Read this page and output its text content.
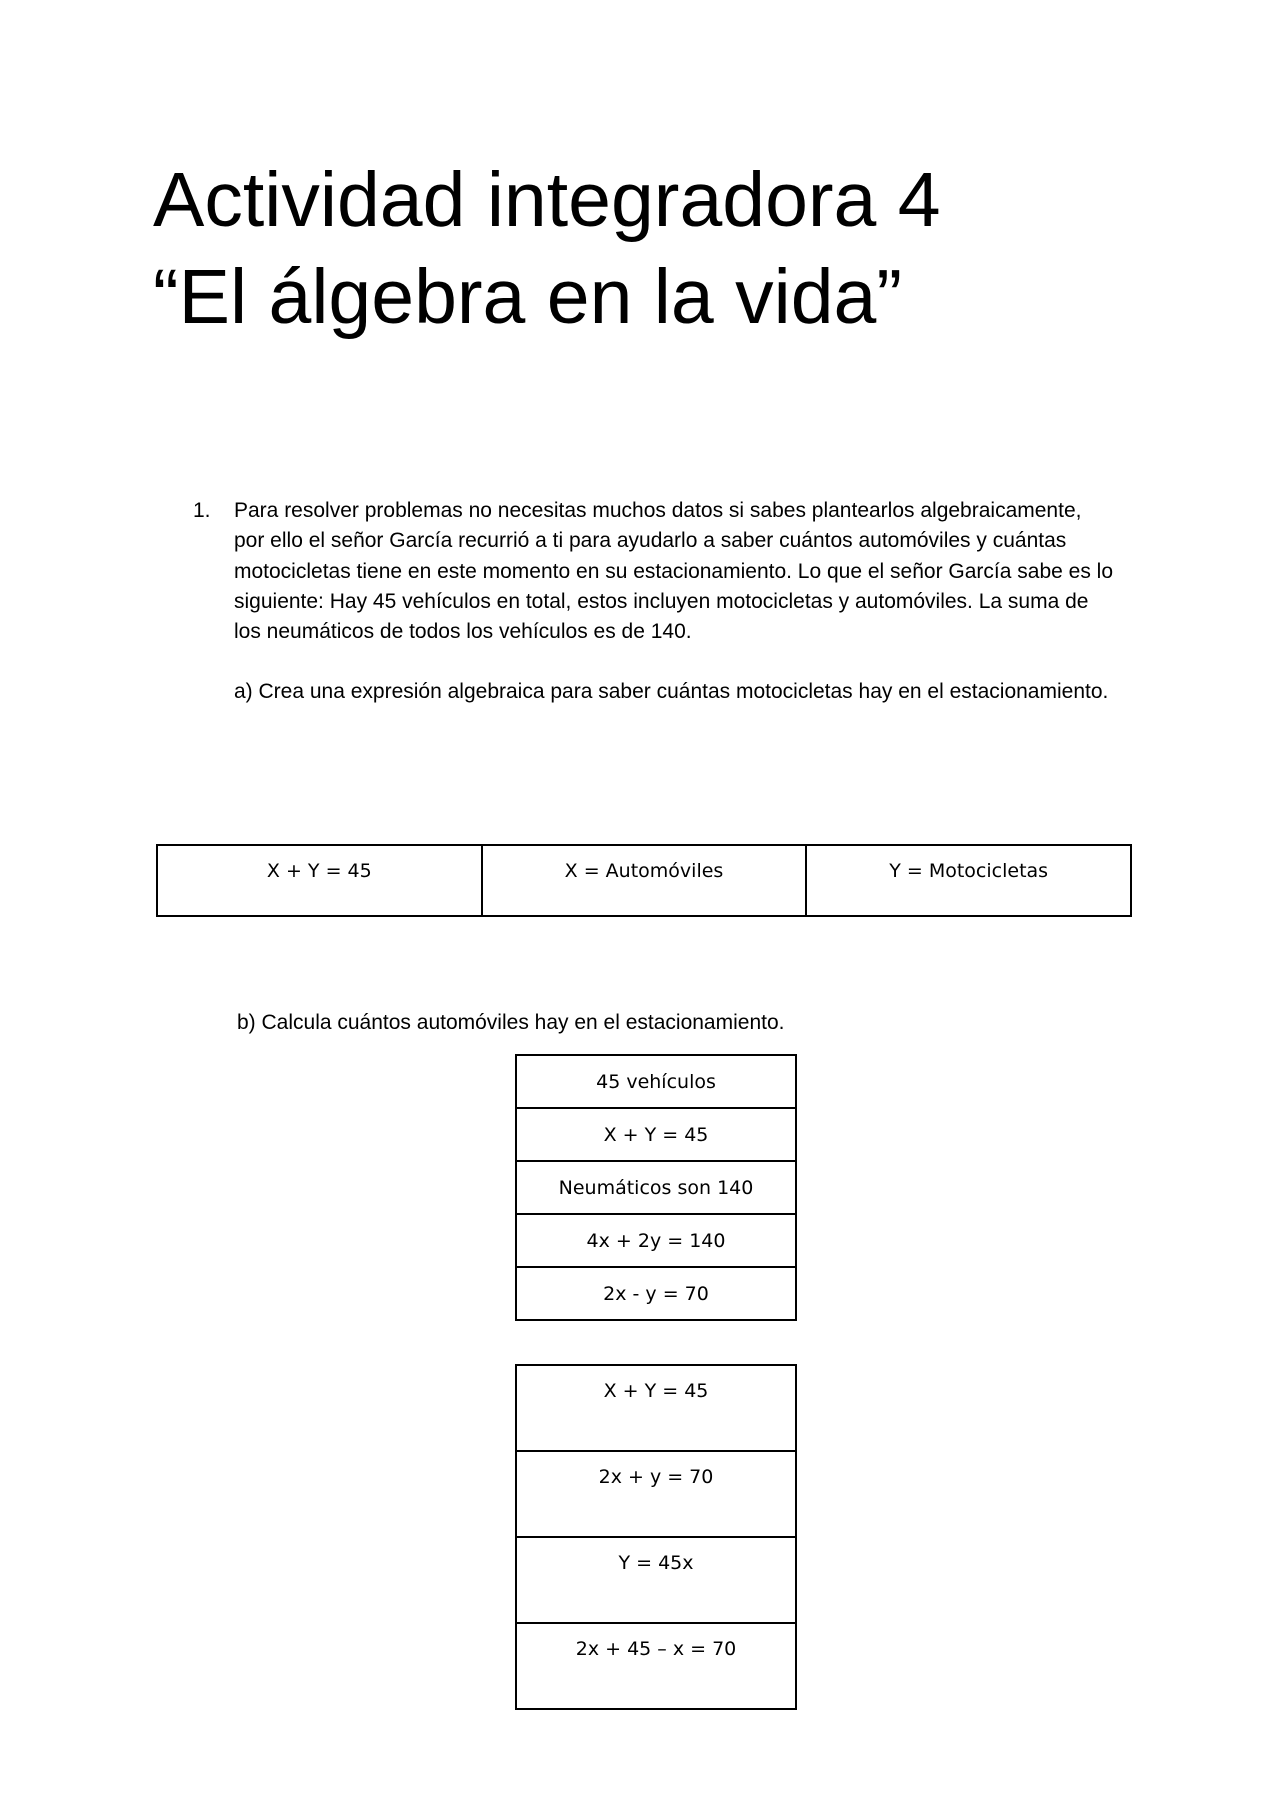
Actividad integradora 4
“El álgebra en la vida”
1. Para resolver problemas no necesitas muchos datos si sabes plantearlos algebraicamente, por ello el señor García recurrió a ti para ayudarlo a saber cuántos automóviles y cuántas motocicletas tiene en este momento en su estacionamiento. Lo que el señor García sabe es lo siguiente: Hay 45 vehículos en total, estos incluyen motocicletas y automóviles. La suma de los neumáticos de todos los vehículos es de 140.

a) Crea una expresión algebraica para saber cuántas motocicletas hay en el estacionamiento.

X + Y = 45	X = Automóviles	Y = Motocicletas
b) Calcula cuántos automóviles hay en el estacionamiento.
45 vehículos
X + Y = 45
Neumáticos son 140
4x + 2y = 140
2x - y = 70
X + Y = 45
2x + y = 70
Y = 45x
2x + 45 – x = 70
